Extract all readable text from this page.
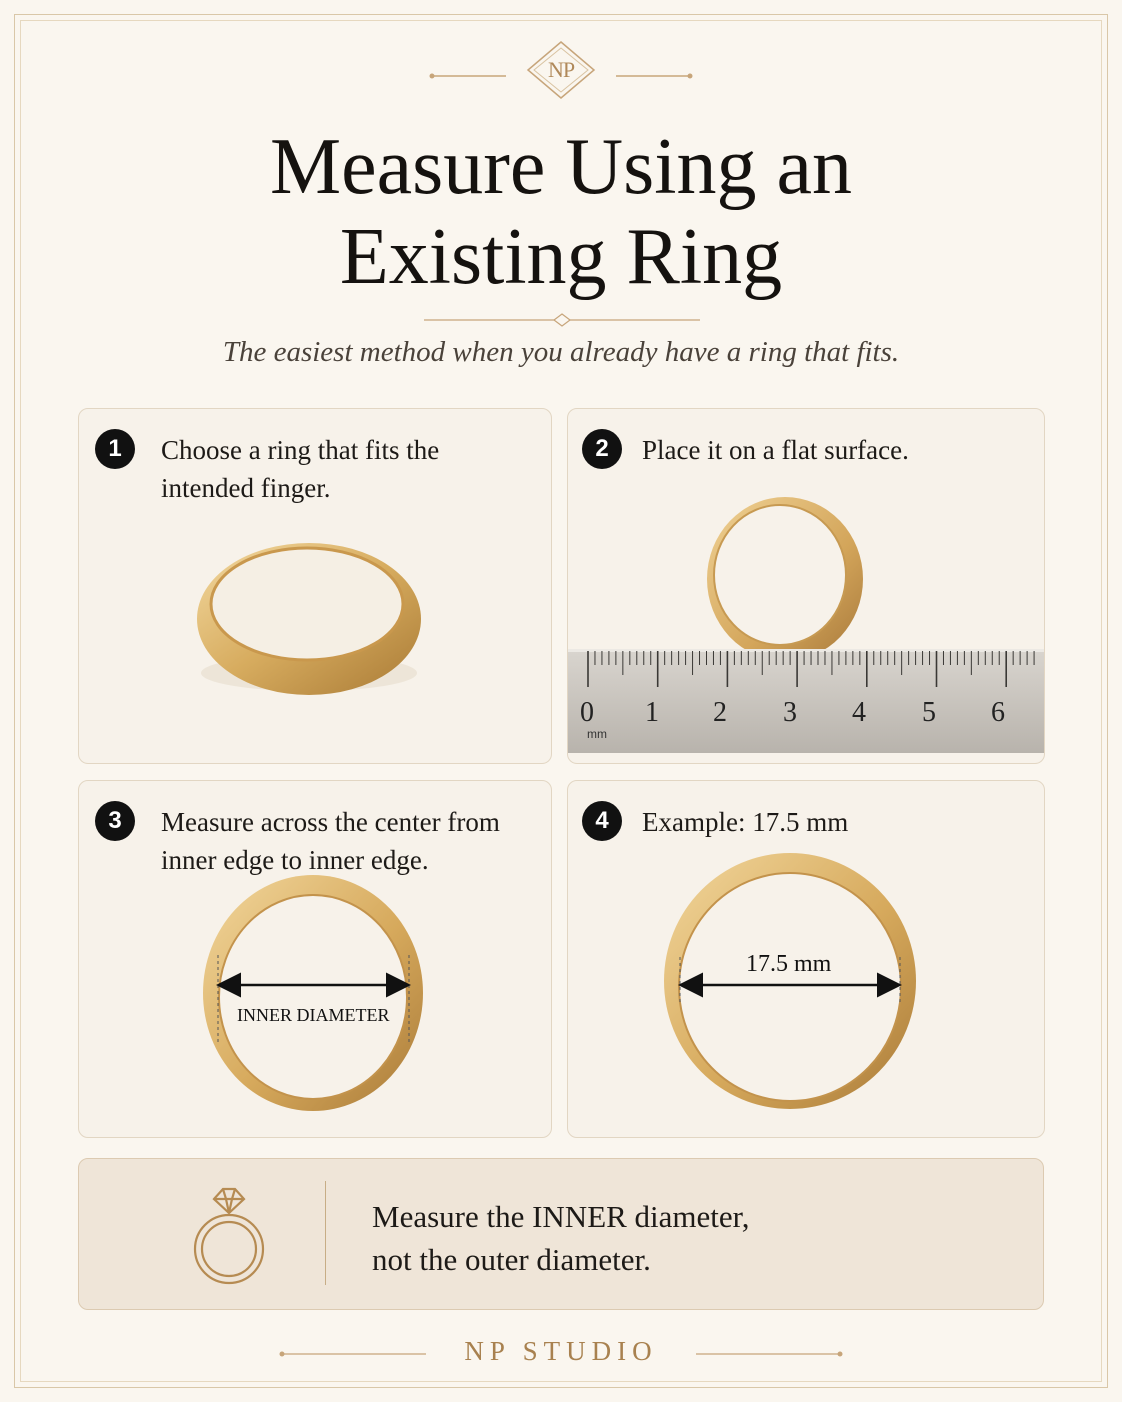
NP
Measure Using an
Existing Ring
The easiest method when you already have a ring that fits.
1	Choose a ring that fits the intended finger.
2	Place it on a flat surface.
0 1 2 3 4 5 6
mm
3	Measure across the center from inner edge to inner edge.
INNER DIAMETER
4	Example: 17.5 mm
17.5 mm
Measure the INNER diameter,
not the outer diameter.
NP STUDIO
